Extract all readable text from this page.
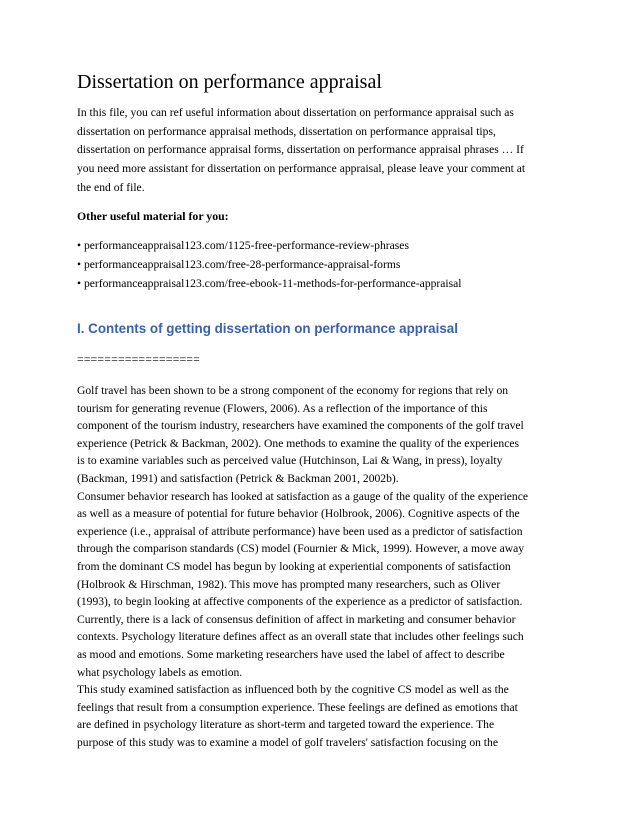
Dissertation on performance appraisal
In this file, you can ref useful information about dissertation on performance appraisal such as
dissertation on performance appraisal methods, dissertation on performance appraisal tips,
dissertation on performance appraisal forms, dissertation on performance appraisal phrases … If
you need more assistant for dissertation on performance appraisal, please leave your comment at
the end of file.

Other useful material for you:

• performanceappraisal123.com/1125-free-performance-review-phrases
• performanceappraisal123.com/free-28-performance-appraisal-forms
• performanceappraisal123.com/free-ebook-11-methods-for-performance-appraisal
I. Contents of getting dissertation on performance appraisal

==================

Golf travel has been shown to be a strong component of the economy for regions that rely on
tourism for generating revenue (Flowers, 2006). As a reflection of the importance of this
component of the tourism industry, researchers have examined the components of the golf travel
experience (Petrick & Backman, 2002). One methods to examine the quality of the experiences
is to examine variables such as perceived value (Hutchinson, Lai & Wang, in press), loyalty
(Backman, 1991) and satisfaction (Petrick & Backman 2001, 2002b).
Consumer behavior research has looked at satisfaction as a gauge of the quality of the experience
as well as a measure of potential for future behavior (Holbrook, 2006). Cognitive aspects of the
experience (i.e., appraisal of attribute performance) have been used as a predictor of satisfaction
through the comparison standards (CS) model (Fournier & Mick, 1999). However, a move away
from the dominant CS model has begun by looking at experiential components of satisfaction
(Holbrook & Hirschman, 1982). This move has prompted many researchers, such as Oliver
(1993), to begin looking at affective components of the experience as a predictor of satisfaction.
Currently, there is a lack of consensus definition of affect in marketing and consumer behavior
contexts. Psychology literature defines affect as an overall state that includes other feelings such
as mood and emotions. Some marketing researchers have used the label of affect to describe
what psychology labels as emotion.
This study examined satisfaction as influenced both by the cognitive CS model as well as the
feelings that result from a consumption experience. These feelings are defined as emotions that
are defined in psychology literature as short-term and targeted toward the experience. The
purpose of this study was to examine a model of golf travelers' satisfaction focusing on the
